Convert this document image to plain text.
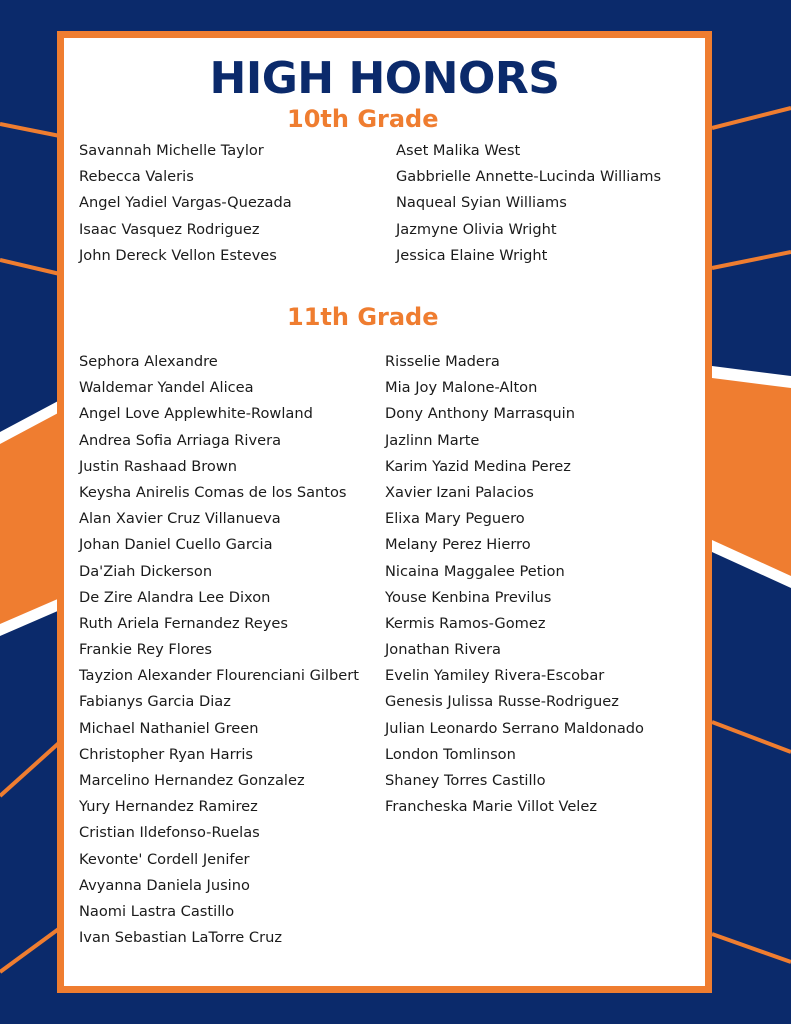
HIGH HONORS
10th Grade
Savannah Michelle Taylor
Rebecca Valeris
Angel Yadiel Vargas-Quezada
Isaac Vasquez Rodriguez
John Dereck Vellon Esteves
Aset Malika West
Gabbrielle Annette-Lucinda Williams
Naqueal Syian Williams
Jazmyne Olivia Wright
Jessica Elaine Wright
11th Grade
Sephora Alexandre
Waldemar Yandel Alicea
Angel Love Applewhite-Rowland
Andrea Sofia Arriaga Rivera
Justin Rashaad Brown
Keysha Anirelis Comas de los Santos
Alan Xavier Cruz Villanueva
Johan Daniel Cuello Garcia
Da'Ziah Dickerson
De Zire Alandra Lee Dixon
Ruth Ariela Fernandez Reyes
Frankie Rey Flores
Tayzion Alexander Flourenciani Gilbert
Fabianys Garcia Diaz
Michael Nathaniel Green
Christopher Ryan Harris
Marcelino Hernandez Gonzalez
Yury Hernandez Ramirez
Cristian Ildefonso-Ruelas
Kevonte' Cordell Jenifer
Avyanna Daniela Jusino
Naomi Lastra Castillo
Ivan Sebastian LaTorre Cruz
Risselie Madera
Mia Joy Malone-Alton
Dony Anthony Marrasquin
Jazlinn Marte
Karim Yazid Medina Perez
Xavier Izani Palacios
Elixa Mary Peguero
Melany Perez Hierro
Nicaina Maggalee Petion
Youse Kenbina Previlus
Kermis Ramos-Gomez
Jonathan Rivera
Evelin Yamiley Rivera-Escobar
Genesis Julissa Russe-Rodriguez
Julian Leonardo Serrano Maldonado
London Tomlinson
Shaney Torres Castillo
Francheska Marie Villot Velez
